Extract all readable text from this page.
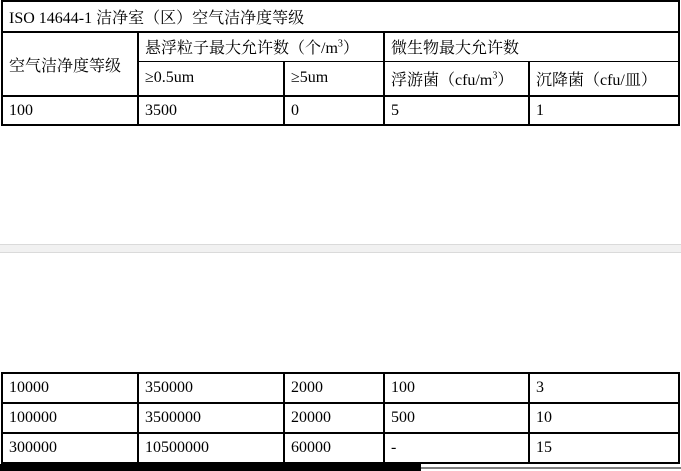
ISO 14644-1 洁净室（区）空气洁净度等级				
空气洁净度等级	悬浮粒子最大允许数（个$/m^3$）		微生物最大允许数	
	≥0.5um	≥5um	浮游菌$(cfu/m^3)$	沉降菌（cfu/皿）
100	3500	0	5	1
10000	350000	2000	100	3
100000	3500000	20000	500	10
300000	10500000	60000	-	15
